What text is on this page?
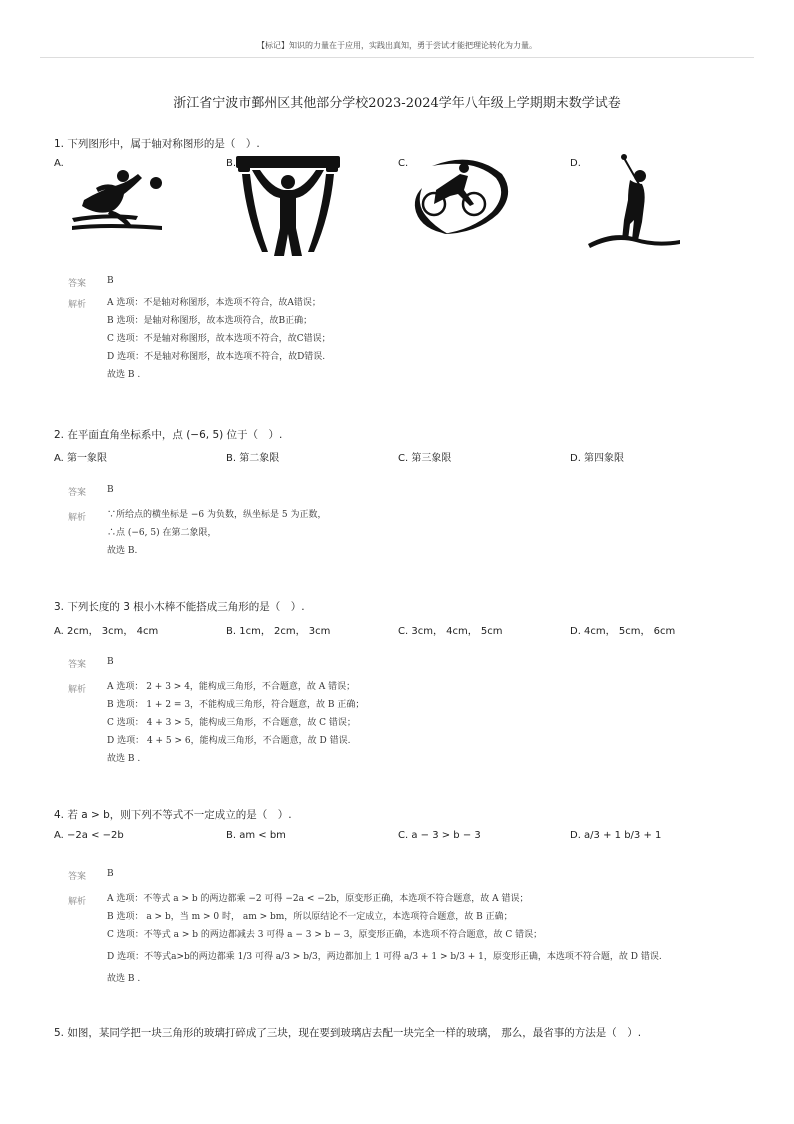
【标记】知识的力量在于应用，实践出真知，勇于尝试才能把理论转化为力量。
浙江省宁波市鄞州区其他部分学校2023-2024学年八年级上学期期末数学试卷
1. 下列图形中，属于轴对称图形的是（　）.
A.	B.	C.	D.
答案 B
解析 A 选项：不是轴对称图形，本选项不符合，故A错误；
B 选项：是轴对称图形，故本选项符合，故B正确；
C 选项：不是轴对称图形，故本选项不符合，故C错误；
D 选项：不是轴对称图形，故本选项不符合，故D错误.
故选 B .
2. 在平面直角坐标系中，点 (−6, 5) 位于（　）.
A. 第一象限	B. 第二象限	C. 第三象限	D. 第四象限
答案 B
解析 ∵所给点的横坐标是 −6 为负数，纵坐标是 5 为正数，
∴点 (−6, 5) 在第二象限，
故选 B.
3. 下列长度的 3 根小木棒不能搭成三角形的是（　）.
A. 2cm， 3cm， 4cm	B. 1cm， 2cm， 3cm	C. 3cm， 4cm， 5cm	D. 4cm， 5cm， 6cm
答案 B
解析 A 选项： 2 + 3 > 4，能构成三角形，不合题意，故 A 错误；
B 选项： 1 + 2 = 3，不能构成三角形，符合题意，故 B 正确；
C 选项： 4 + 3 > 5，能构成三角形，不合题意，故 C 错误；
D 选项： 4 + 5 > 6，能构成三角形，不合题意，故 D 错误.
故选 B .
4. 若 a > b，则下列不等式不一定成立的是（　）.
A. −2a < −2b	B. am < bm	C. a − 3 > b − 3	D. a/3 + 1 b/3 + 1
答案 B
解析 A 选项：不等式 a > b 的两边都乘 −2 可得 −2a < −2b，原变形正确，本选项不符合题意，故 A 错误；
B 选项： a > b，当 m > 0 时， am > bm，所以原结论不一定成立，本选项符合题意，故 B 正确；
C 选项：不等式 a > b 的两边都减去 3 可得 a − 3 > b − 3，原变形正确，本选项不符合题意，故 C 错误；
D 选项：不等式a>b的两边都乘 1/3 可得 a/3 > b/3，两边都加上 1 可得 a/3 + 1 > b/3 + 1，原变形正确，本选项不符合题，故 D 错误.
故选 B .
5. 如图，某同学把一块三角形的玻璃打碎成了三块，现在要到玻璃店去配一块完全一样的玻璃， 那么，最省事的方法是（　）.
